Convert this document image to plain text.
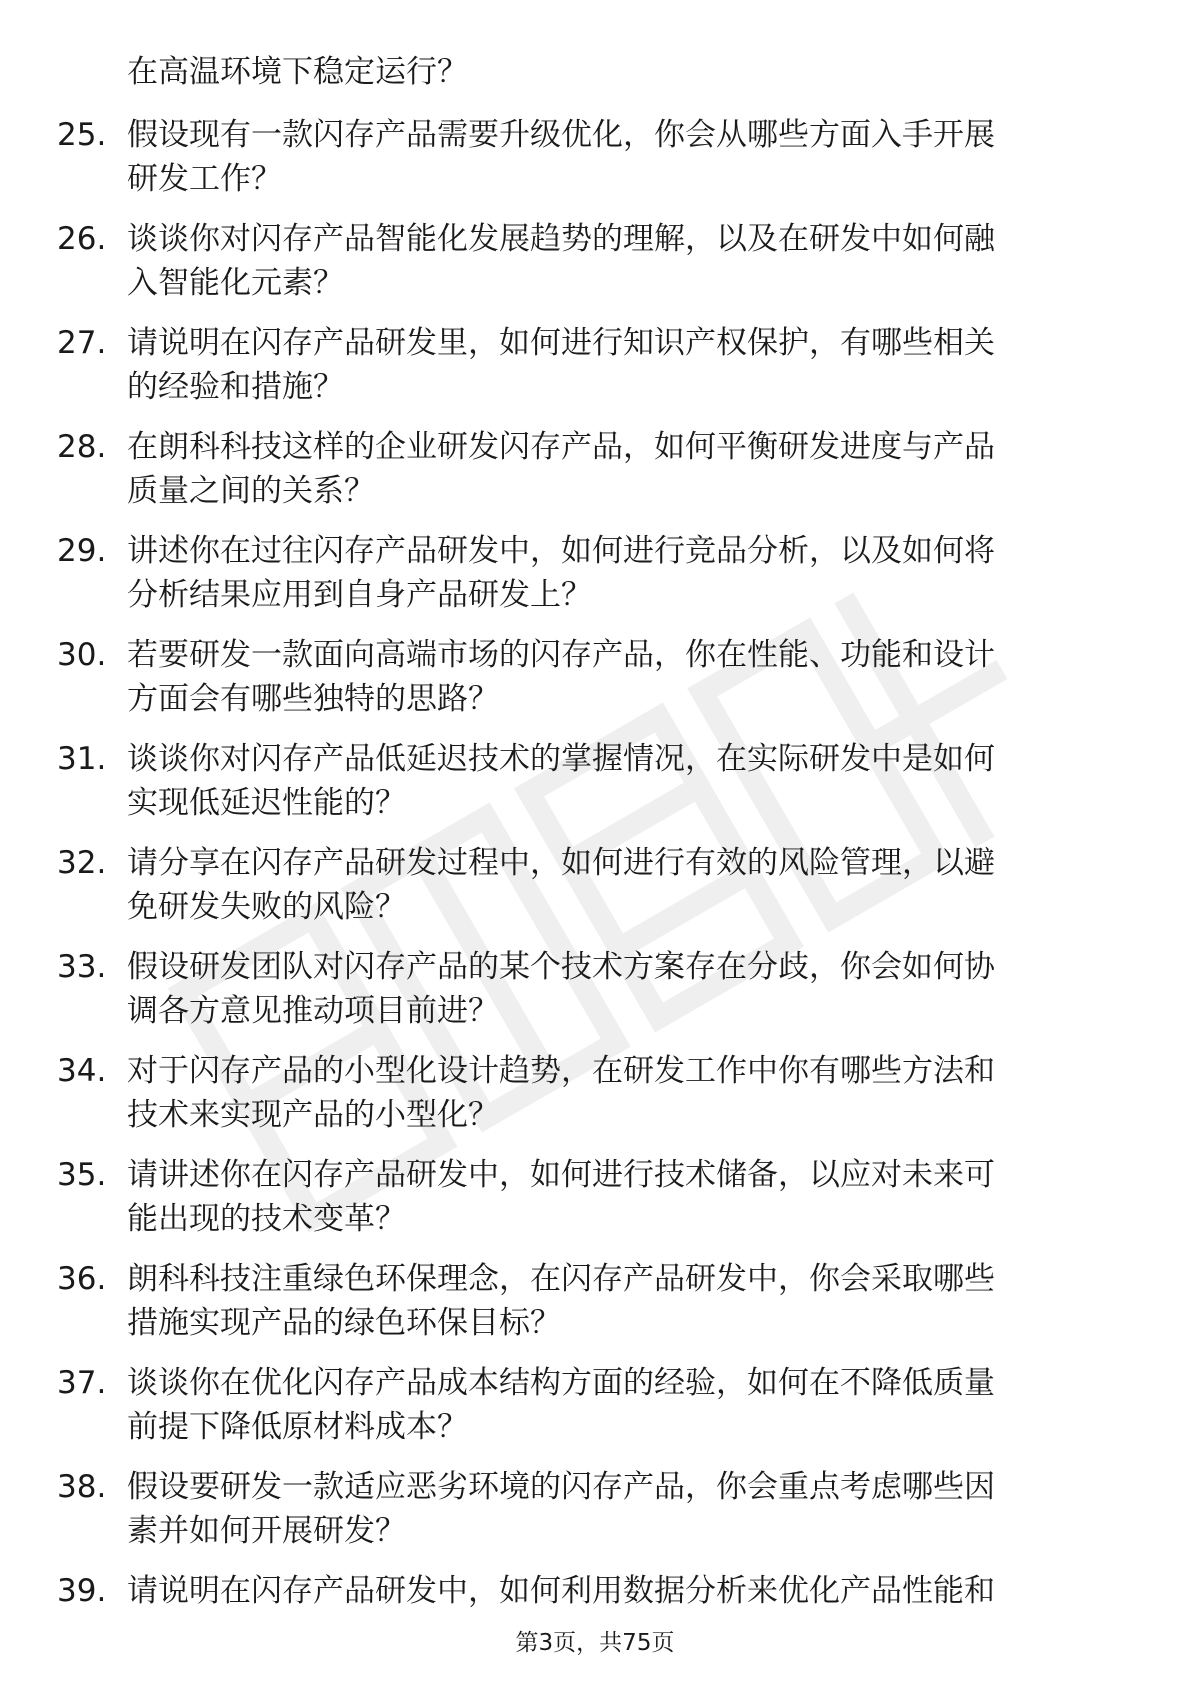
在高温环境下稳定运行？
25. 假设现有一款闪存产品需要升级优化，你会从哪些方面入手开展
研发工作？
26. 谈谈你对闪存产品智能化发展趋势的理解，以及在研发中如何融
入智能化元素？
27. 请说明在闪存产品研发里，如何进行知识产权保护，有哪些相关
的经验和措施？
28. 在朗科科技这样的企业研发闪存产品，如何平衡研发进度与产品
质量之间的关系？
29. 讲述你在过往闪存产品研发中，如何进行竞品分析，以及如何将
分析结果应用到自身产品研发上？
30. 若要研发一款面向高端市场的闪存产品，你在性能、功能和设计
方面会有哪些独特的思路？
31. 谈谈你对闪存产品低延迟技术的掌握情况，在实际研发中是如何
实现低延迟性能的？
32. 请分享在闪存产品研发过程中，如何进行有效的风险管理，以避
免研发失败的风险？
33. 假设研发团队对闪存产品的某个技术方案存在分歧，你会如何协
调各方意见推动项目前进？
34. 对于闪存产品的小型化设计趋势，在研发工作中你有哪些方法和
技术来实现产品的小型化？
35. 请讲述你在闪存产品研发中，如何进行技术储备，以应对未来可
能出现的技术变革？
36. 朗科科技注重绿色环保理念，在闪存产品研发中，你会采取哪些
措施实现产品的绿色环保目标？
37. 谈谈你在优化闪存产品成本结构方面的经验，如何在不降低质量
前提下降低原材料成本？
38. 假设要研发一款适应恶劣环境的闪存产品，你会重点考虑哪些因
素并如何开展研发？
39. 请说明在闪存产品研发中，如何利用数据分析来优化产品性能和
第3页，共75页
